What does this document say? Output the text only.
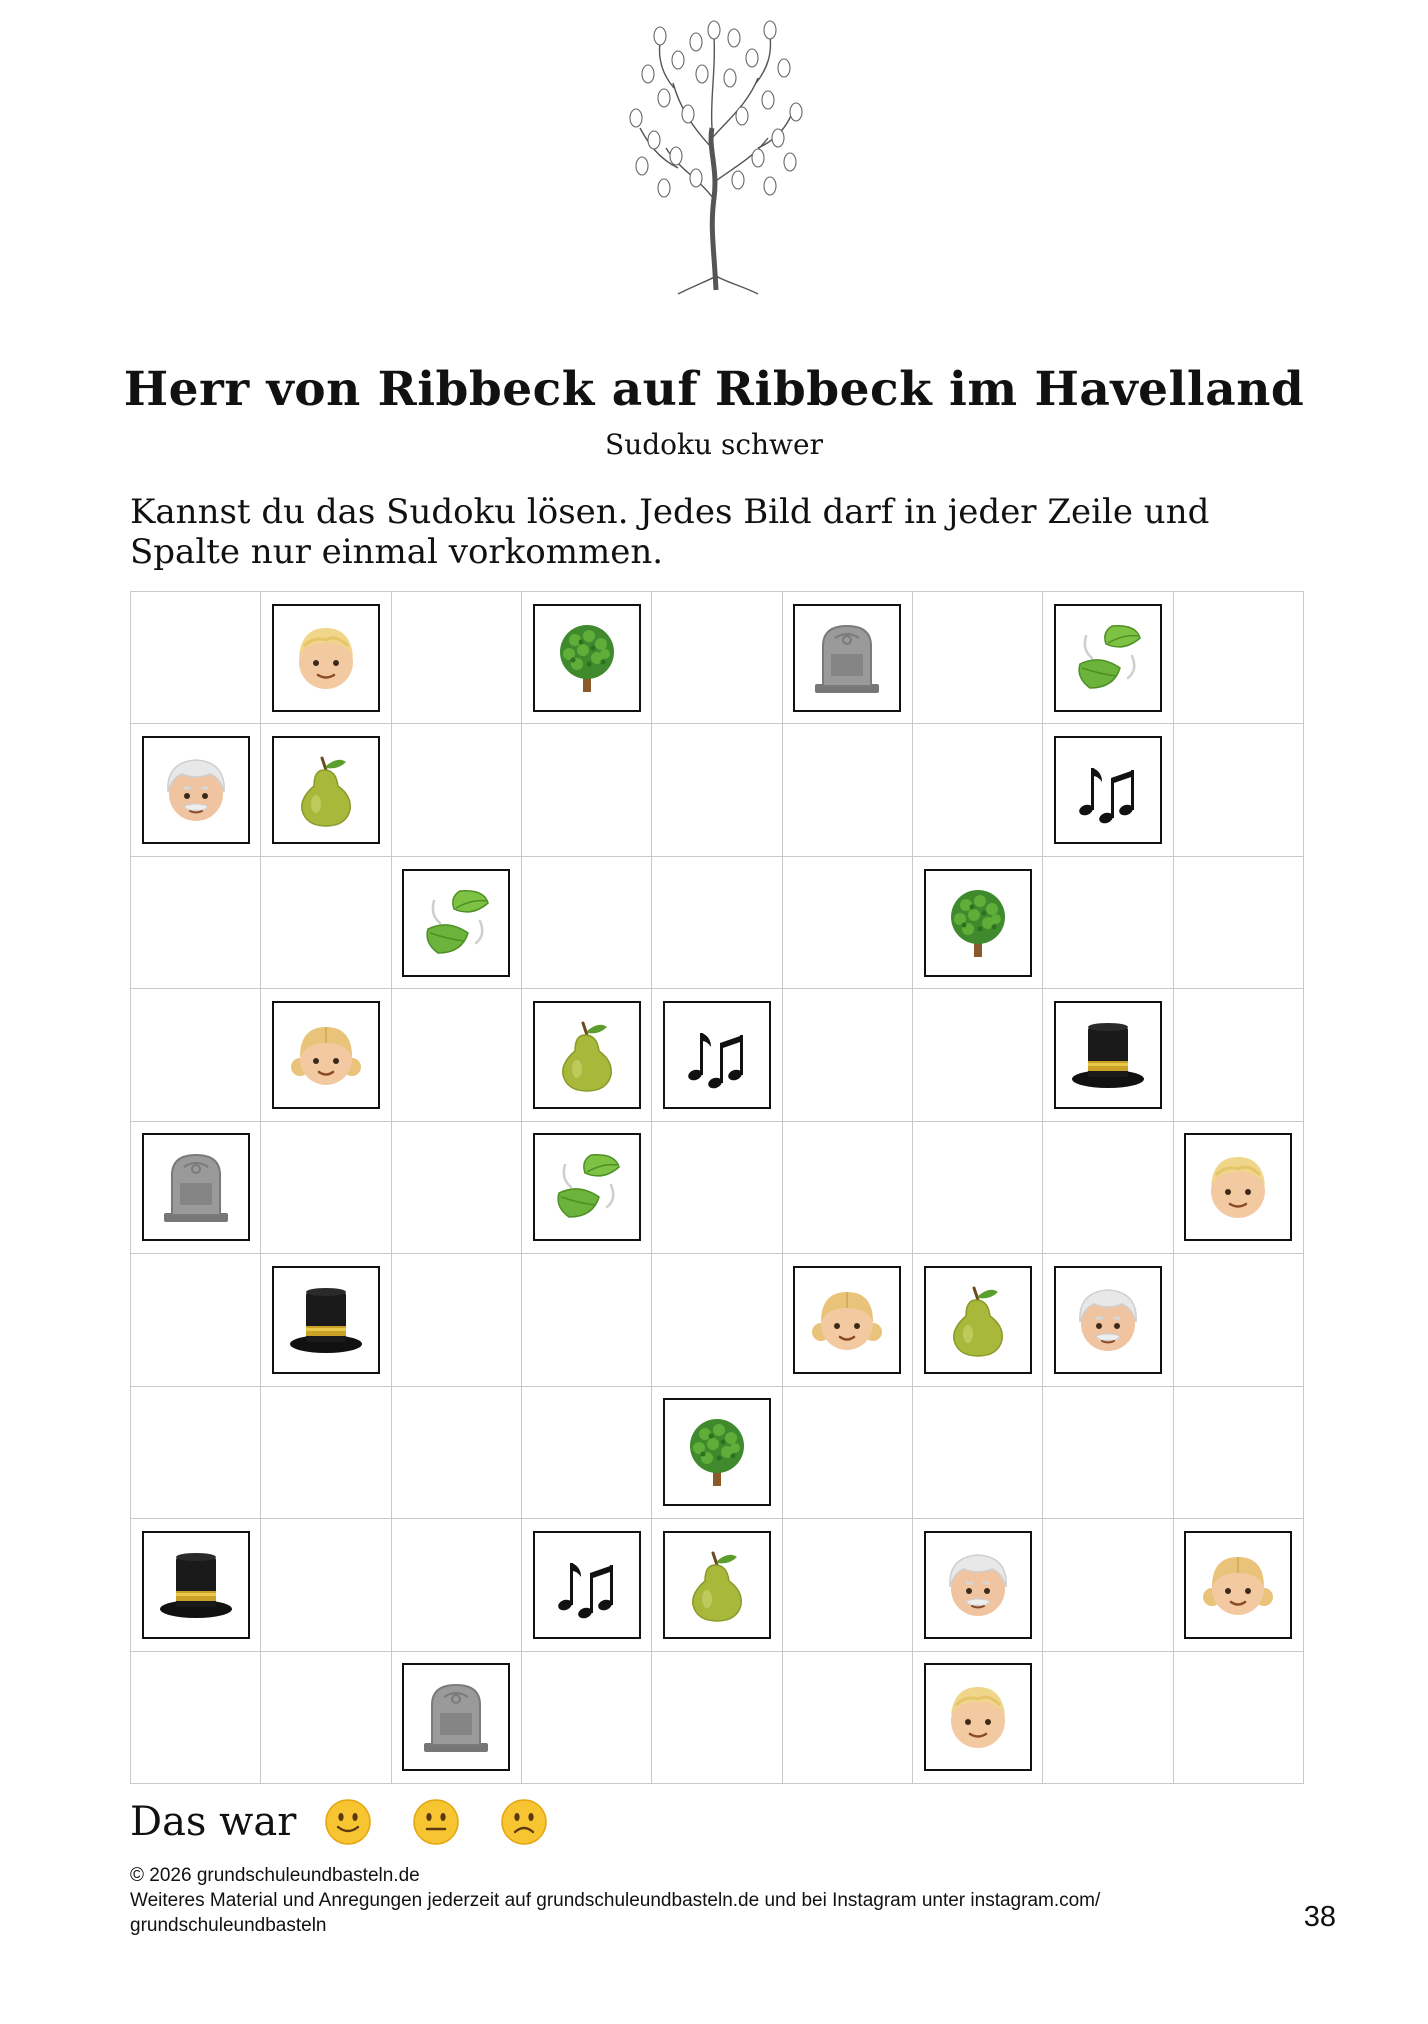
Herr von Ribbeck auf Ribbeck im Havelland
Sudoku schwer
Kannst du das Sudoku lösen. Jedes Bild darf in jeder Zeile und Spalte nur einmal vorkommen.
Das war
© 2026 grundschuleundbasteln.de
Weiteres Material und Anregungen jederzeit auf grundschuleundbasteln.de und bei Instagram unter instagram.com/ grundschuleundbasteln	38
